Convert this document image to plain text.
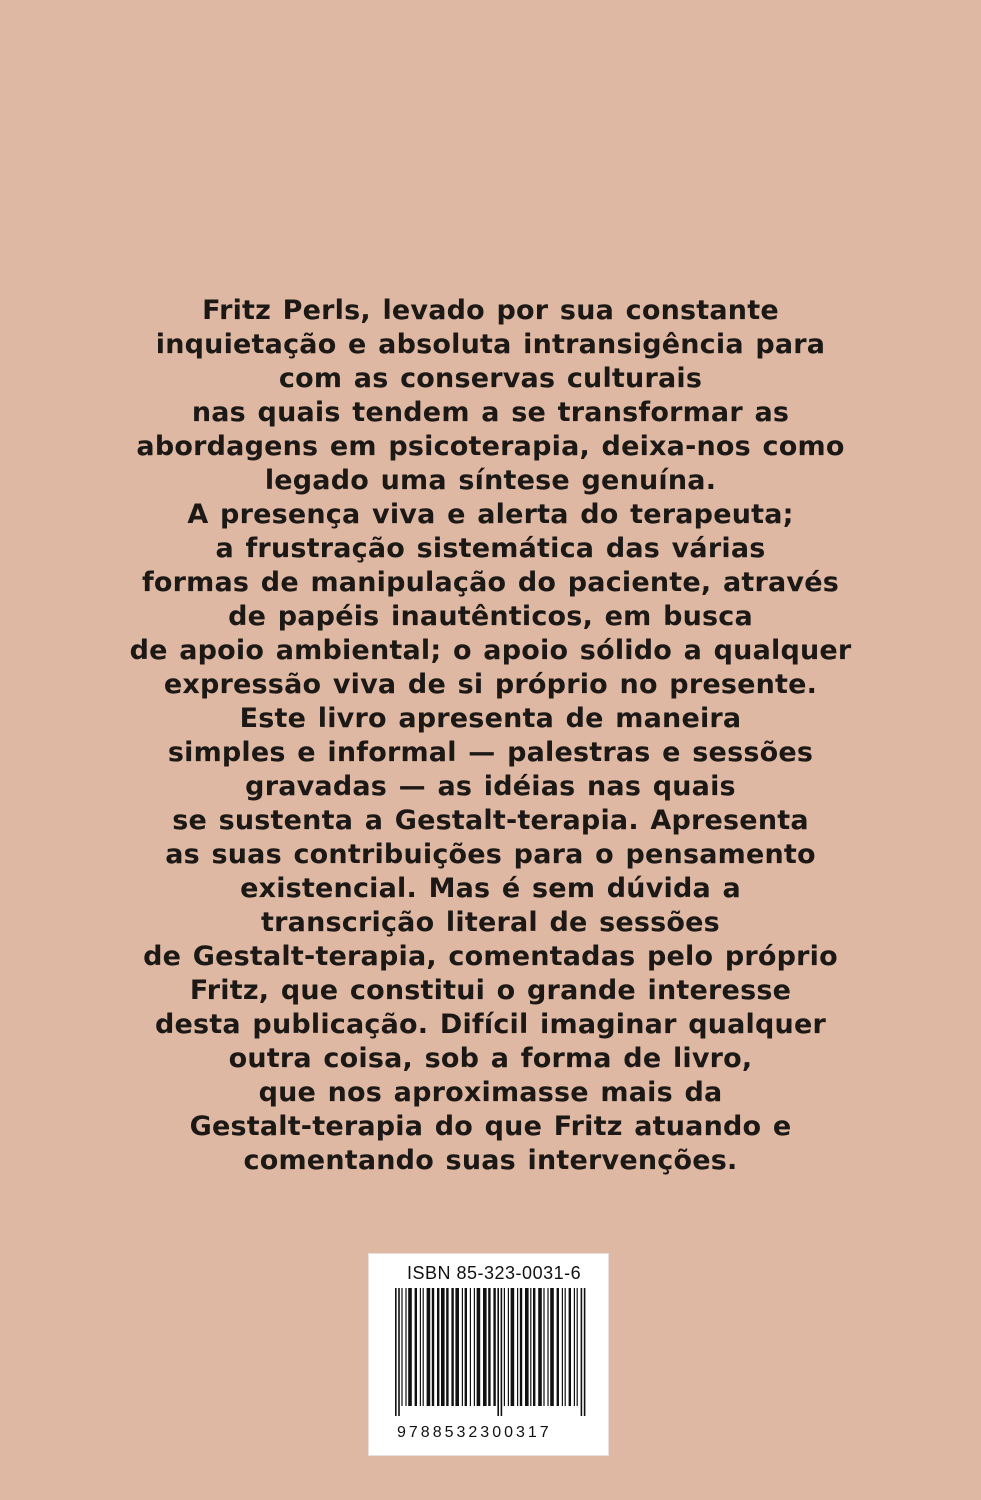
Fritz Perls, levado por sua constante
inquietação e absoluta intransigência para
com as conservas culturais
nas quais tendem a se transformar as
abordagens em psicoterapia, deixa-nos como
legado uma síntese genuína.
A presença viva e alerta do terapeuta;
a frustração sistemática das várias
formas de manipulação do paciente, através
de papéis inautênticos, em busca
de apoio ambiental; o apoio sólido a qualquer
expressão viva de si próprio no presente.
Este livro apresenta de maneira
simples e informal — palestras e sessões
gravadas — as idéias nas quais
se sustenta a Gestalt-terapia. Apresenta
as suas contribuições para o pensamento
existencial. Mas é sem dúvida a
transcrição literal de sessões
de Gestalt-terapia, comentadas pelo próprio
Fritz, que constitui o grande interesse
desta publicação. Difícil imaginar qualquer
outra coisa, sob a forma de livro,
que nos aproximasse mais da
Gestalt-terapia do que Fritz atuando e
comentando suas intervenções.
ISBN 85-323-0031-6
9788532300317
